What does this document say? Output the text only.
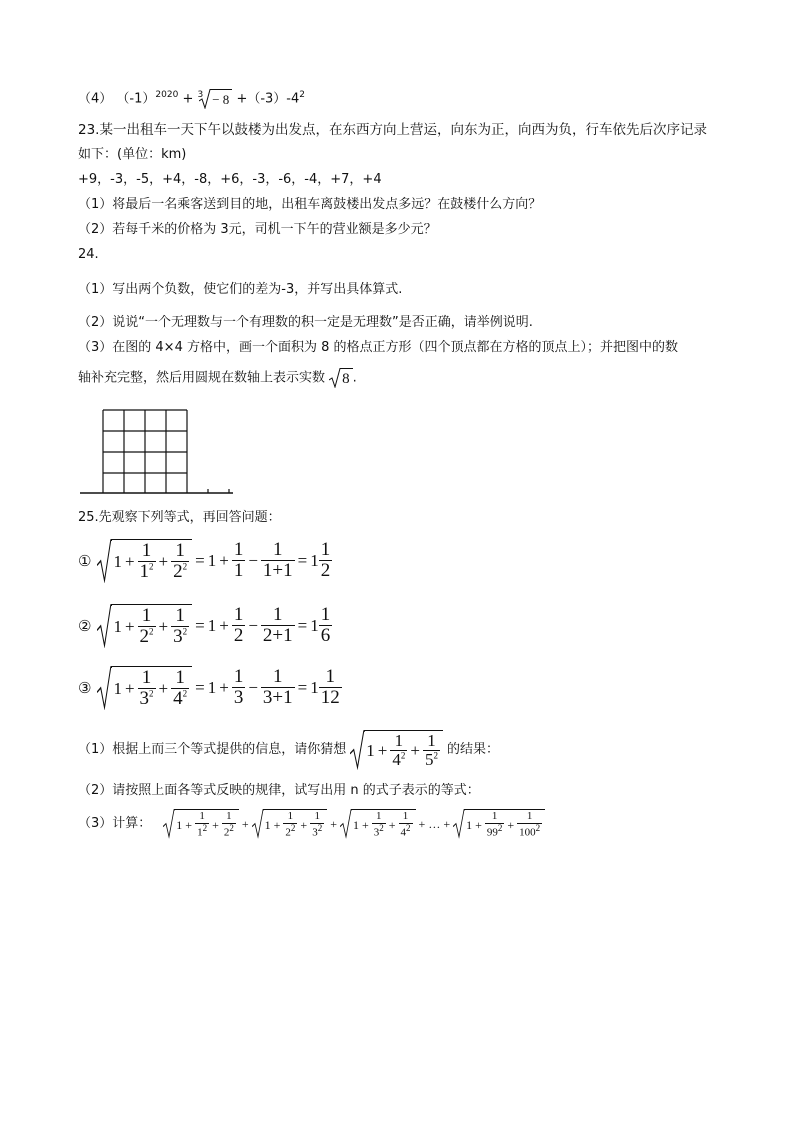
（4） $(-1)^{2020} + ^3 - 8 +(-3)-4^2$
23.某一出租车一天下午以鼓楼为出发点，在东西方向上营运，向东为正，向西为负，行车依先后次序记录
如下：(单位：km)
+9，-3，-5，+4，-8，+6，-3，-6，-4，+7，+4
（1）将最后一名乘客送到目的地，出租车离鼓楼出发点多远？在鼓楼什么方向？
（2）若每千米的价格为 3元，司机一下午的营业额是多少元？
24.
（1）写出两个负数，使它们的差为-3，并写出具体算式.
（2）说说“一个无理数与一个有理数的积一定是无理数”是否正确，请举例说明.
（3）在图的 4×4 方格中，画一个面积为 8 的格点正方形（四个顶点都在方格的顶点上）；并把图中的数
轴补充完整，然后用圆规在数轴上表示实数 8 .
25.先观察下列等式，再回答问题：
①	$1 + \frac{1}{1^2} + \frac{1}{2^2} = 1 + \frac{1}{1} - \frac{1}{1+1} = 1 \frac{1}{2}$
②	$1 + \frac{1}{2^2} + \frac{1}{3^2} = 1 + \frac{1}{2} - \frac{1}{2+1} = 1 \frac{1}{6}$
③	$1 + \frac{1}{3^2} + \frac{1}{4^2} = 1 + \frac{1}{3} - \frac{1}{3+1} = 1 \frac{1}{12}$
（1）根据上而三个等式提供的信息，请你猜想	$1 + \frac{1}{4^2} + \frac{1}{5^2}$ 的结果：
（2）请按照上面各等式反映的规律，试写出用 n 的式子表示的等式：
（3）计算：	$1 + \frac{1}{1^2} + \frac{1}{2^2}$ +	$1 + \frac{1}{2^2} + \frac{1}{3^2}$ +	$1 + \frac{1}{3^2} + \frac{1}{4^2}$ + … +	$1 + \frac{1}{99^2} + \frac{1}{100^2}$
